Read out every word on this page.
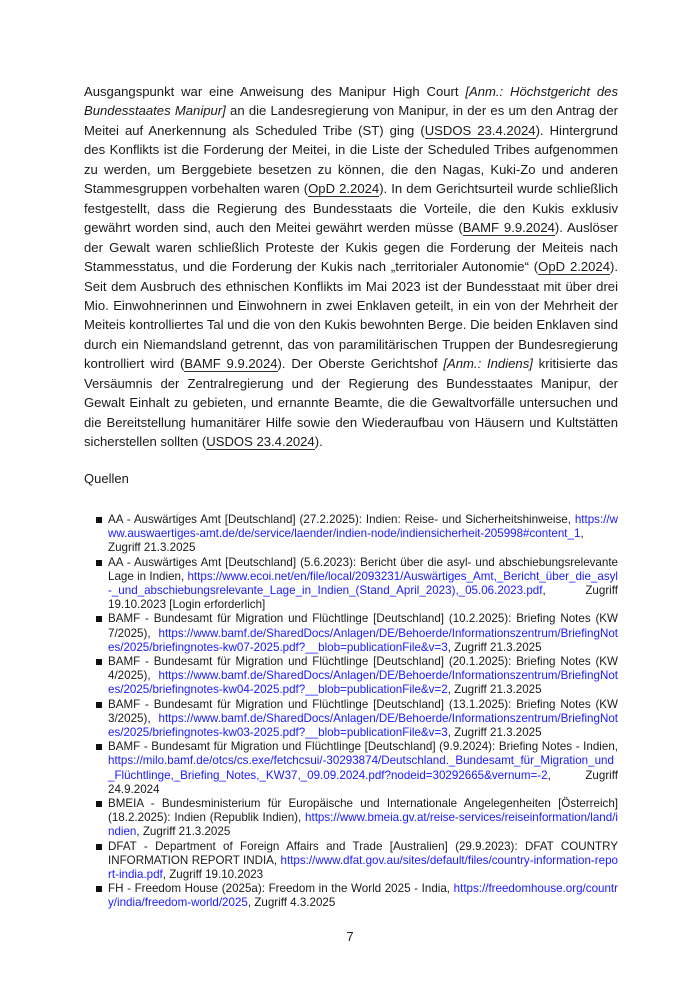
Ausgangspunkt war eine Anweisung des Manipur High Court [Anm.: Höchstgericht des Bundesstaates Manipur] an die Landesregierung von Manipur, in der es um den Antrag der Meitei auf Anerkennung als Scheduled Tribe (ST) ging (USDOS 23.4.2024). Hintergrund des Konflikts ist die Forderung der Meitei, in die Liste der Scheduled Tribes aufgenommen zu werden, um Berggebiete besetzen zu können, die den Nagas, Kuki-Zo und anderen Stammesgruppen vorbehalten waren (OpD 2.2024). In dem Gerichtsurteil wurde schließlich festgestellt, dass die Regierung des Bundesstaats die Vorteile, die den Kukis exklusiv gewährt worden sind, auch den Meitei gewährt werden müsse (BAMF 9.9.2024). Auslöser der Gewalt waren schließlich Proteste der Kukis gegen die Forderung der Meiteis nach Stammesstatus, und die Forderung der Kukis nach „territorialer Autonomie“ (OpD 2.2024). Seit dem Ausbruch des ethnischen Konflikts im Mai 2023 ist der Bundesstaat mit über drei Mio. Einwohnerinnen und Einwohnern in zwei Enklaven geteilt, in ein von der Mehrheit der Meiteis kontrolliertes Tal und die von den Kukis bewohnten Berge. Die beiden Enklaven sind durch ein Niemandsland getrennt, das von paramilitärischen Truppen der Bundesregierung kontrolliert wird (BAMF 9.9.2024). Der Oberste Gerichtshof [Anm.: Indiens] kritisierte das Versäumnis der Zentralregierung und der Regierung des Bundesstaates Manipur, der Gewalt Einhalt zu gebieten, und ernannte Beamte, die die Gewaltvorfälle untersuchen und die Bereitstellung humanitärer Hilfe sowie den Wiederaufbau von Häusern und Kultstätten sicherstellen sollten (USDOS 23.4.2024).
Quellen
AA - Auswärtiges Amt [Deutschland] (27.2.2025): Indien: Reise- und Sicherheitshinweise, https://www.auswaertiges-amt.de/de/service/laender/indien-node/indiensicherheit-205998#content_1, Zugriff 21.3.2025
AA - Auswärtiges Amt [Deutschland] (5.6.2023): Bericht über die asyl- und abschiebungsrelevante Lage in Indien, https://www.ecoi.net/en/file/local/2093231/Auswärtiges_Amt,_Bericht_über_die_asyl-_und_abschiebungsrelevante_Lage_in_Indien_(Stand_April_2023),_05.06.2023.pdf, Zugriff 19.10.2023 [Login erforderlich]
BAMF - Bundesamt für Migration und Flüchtlinge [Deutschland] (10.2.2025): Briefing Notes (KW 7/2025), https://www.bamf.de/SharedDocs/Anlagen/DE/Behoerde/Informationszentrum/BriefingNotes/2025/briefingnotes-kw07-2025.pdf?__blob=publicationFile&v=3, Zugriff 21.3.2025
BAMF - Bundesamt für Migration und Flüchtlinge [Deutschland] (20.1.2025): Briefing Notes (KW 4/2025), https://www.bamf.de/SharedDocs/Anlagen/DE/Behoerde/Informationszentrum/BriefingNotes/2025/briefingnotes-kw04-2025.pdf?__blob=publicationFile&v=2, Zugriff 21.3.2025
BAMF - Bundesamt für Migration und Flüchtlinge [Deutschland] (13.1.2025): Briefing Notes (KW 3/2025), https://www.bamf.de/SharedDocs/Anlagen/DE/Behoerde/Informationszentrum/BriefingNotes/2025/briefingnotes-kw03-2025.pdf?__blob=publicationFile&v=3, Zugriff 21.3.2025
BAMF - Bundesamt für Migration und Flüchtlinge [Deutschland] (9.9.2024): Briefing Notes - Indien, https://milo.bamf.de/otcs/cs.exe/fetchcsui/-30293874/Deutschland._Bundesamt_für_Migration_und_Flüchtlinge,_Briefing_Notes,_KW37,_09.09.2024.pdf?nodeid=30292665&vernum=-2, Zugriff 24.9.2024
BMEIA - Bundesministerium für Europäische und Internationale Angelegenheiten [Österreich] (18.2.2025): Indien (Republik Indien), https://www.bmeia.gv.at/reise-services/reiseinformation/land/indien, Zugriff 21.3.2025
DFAT - Department of Foreign Affairs and Trade [Australien] (29.9.2023): DFAT COUNTRY INFORMATION REPORT INDIA, https://www.dfat.gov.au/sites/default/files/country-information-report-india.pdf, Zugriff 19.10.2023
FH - Freedom House (2025a): Freedom in the World 2025 - India, https://freedomhouse.org/country/india/freedom-world/2025, Zugriff 4.3.2025
7
